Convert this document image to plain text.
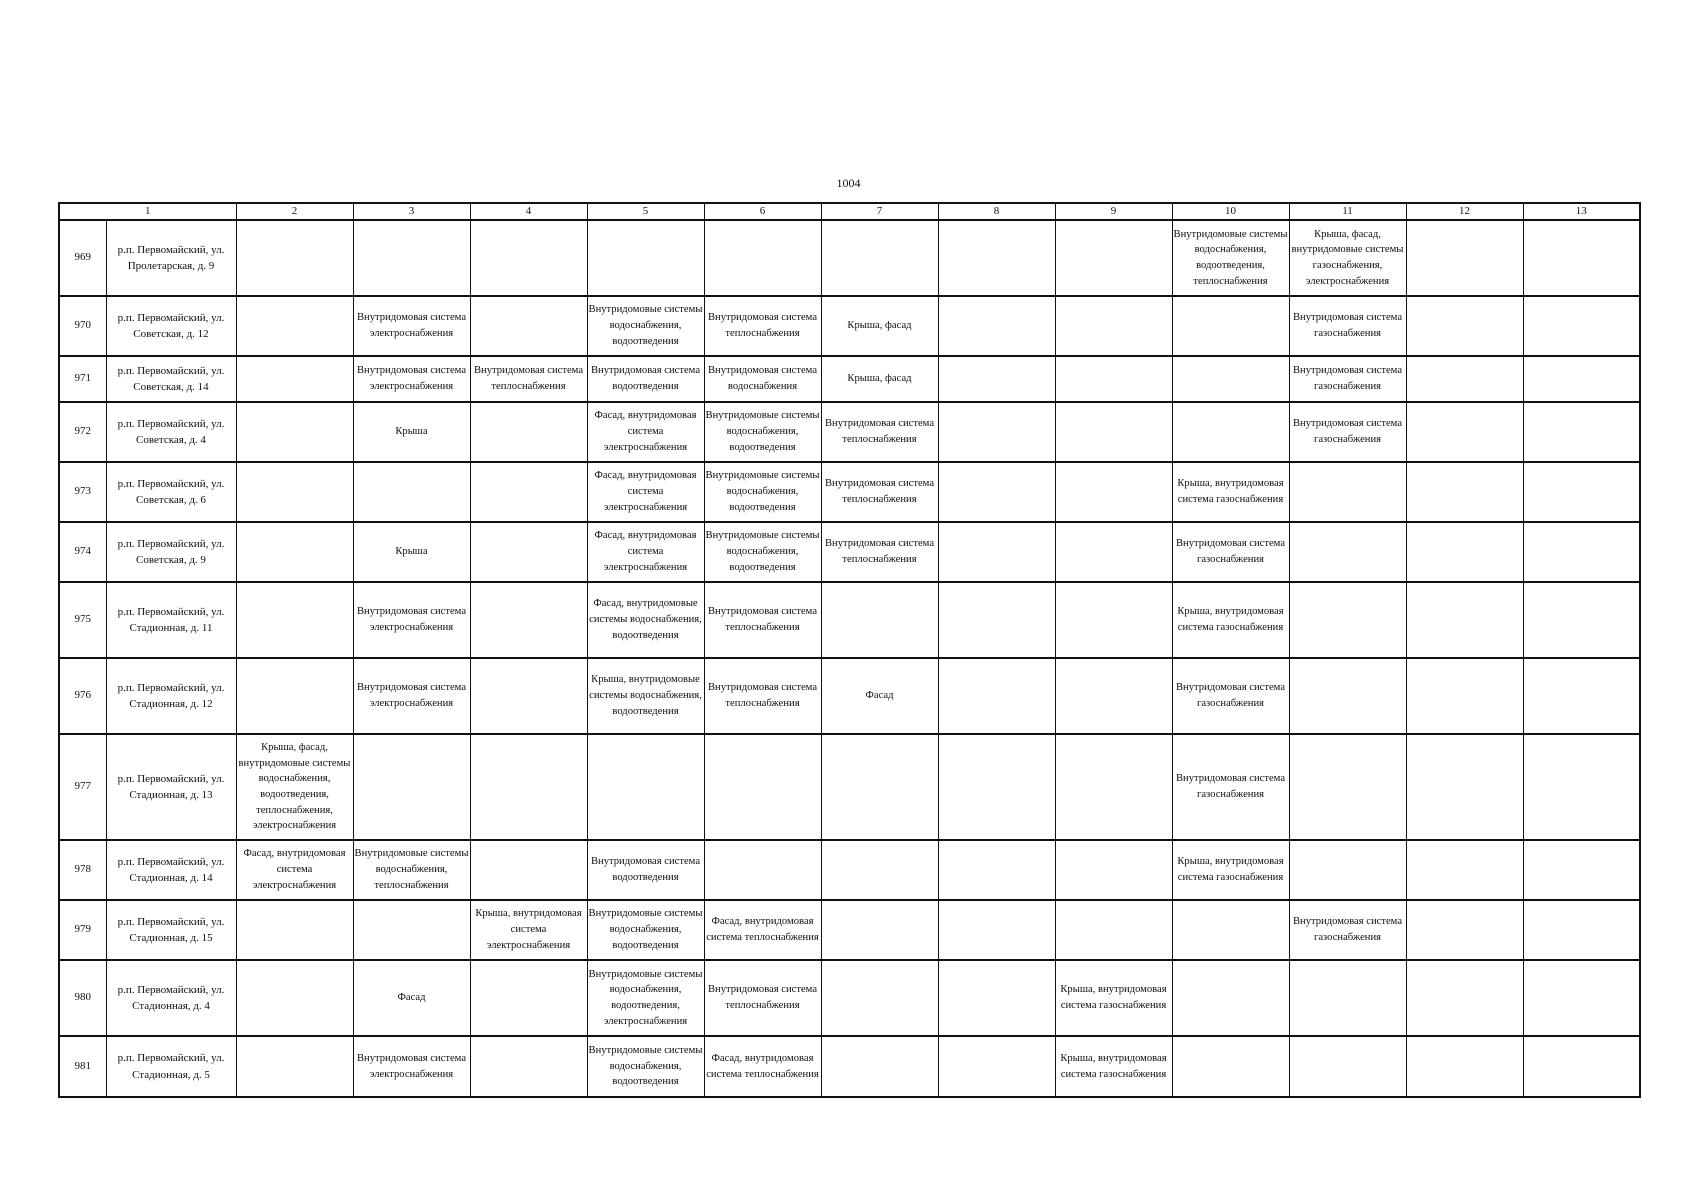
1004
1		2	3	4	5	6	7	8	9	10	11	12	13
969	р.п. Первомайский, ул. Пролетарская, д. 9									Внутридомовые системы водоснабжения, водоотведения, теплоснабжения	Крыша, фасад, внутридомовые системы газоснабжения, электроснабжения		
970	р.п. Первомайский, ул. Советская, д. 12		Внутридомовая система электроснабжения		Внутридомовые системы водоснабжения, водоотведения	Внутридомовая система теплоснабжения	Крыша, фасад				Внутридомовая система газоснабжения		
971	р.п. Первомайский, ул. Советская, д. 14		Внутридомовая система электроснабжения	Внутридомовая система теплоснабжения	Внутридомовая система водоотведения	Внутридомовая система водоснабжения	Крыша, фасад				Внутридомовая система газоснабжения		
972	р.п. Первомайский, ул. Советская, д. 4		Крыша		Фасад, внутридомовая система электроснабжения	Внутридомовые системы водоснабжения, водоотведения	Внутридомовая система теплоснабжения				Внутридомовая система газоснабжения		
973	р.п. Первомайский, ул. Советская, д. 6				Фасад, внутридомовая система электроснабжения	Внутридомовые системы водоснабжения, водоотведения	Внутридомовая система теплоснабжения			Крыша, внутридомовая система газоснабжения			
974	р.п. Первомайский, ул. Советская, д. 9		Крыша		Фасад, внутридомовая система электроснабжения	Внутридомовые системы водоснабжения, водоотведения	Внутридомовая система теплоснабжения			Внутридомовая система газоснабжения			
975	р.п. Первомайский, ул. Стадионная, д. 11		Внутридомовая система электроснабжения		Фасад, внутридомовые системы водоснабжения, водоотведения	Внутридомовая система теплоснабжения				Крыша, внутридомовая система газоснабжения			
976	р.п. Первомайский, ул. Стадионная, д. 12		Внутридомовая система электроснабжения		Крыша, внутридомовые системы водоснабжения, водоотведения	Внутридомовая система теплоснабжения	Фасад			Внутридомовая система газоснабжения			
977	р.п. Первомайский, ул. Стадионная, д. 13	Крыша, фасад, внутридомовые системы водоснабжения, водоотведения, теплоснабжения, электроснабжения								Внутридомовая система газоснабжения			
978	р.п. Первомайский, ул. Стадионная, д. 14	Фасад, внутридомовая система электроснабжения	Внутридомовые системы водоснабжения, теплоснабжения		Внутридомовая система водоотведения					Крыша, внутридомовая система газоснабжения			
979	р.п. Первомайский, ул. Стадионная, д. 15			Крыша, внутридомовая система электроснабжения	Внутридомовые системы водоснабжения, водоотведения	Фасад, внутридомовая система теплоснабжения					Внутридомовая система газоснабжения		
980	р.п. Первомайский, ул. Стадионная, д. 4		Фасад		Внутридомовые системы водоснабжения, водоотведения, электроснабжения	Внутридомовая система теплоснабжения			Крыша, внутридомовая система газоснабжения				
981	р.п. Первомайский, ул. Стадионная, д. 5		Внутридомовая система электроснабжения		Внутридомовые системы водоснабжения, водоотведения	Фасад, внутридомовая система теплоснабжения			Крыша, внутридомовая система газоснабжения				
